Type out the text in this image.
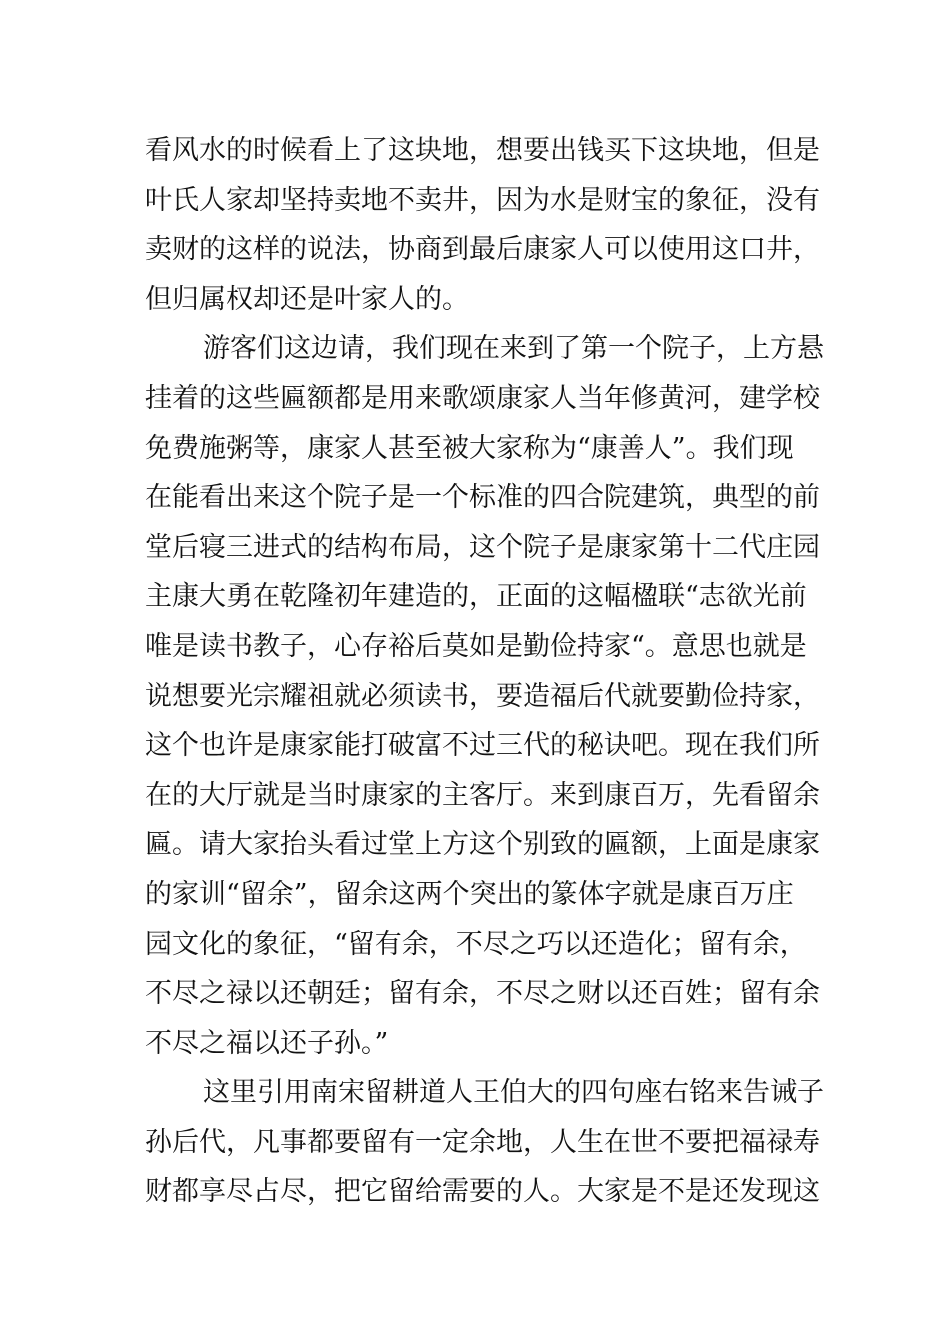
看风水的时候看上了这块地，想要出钱买下这块地，但是
叶氏人家却坚持卖地不卖井，因为水是财宝的象征，没有
卖财的这样的说法，协商到最后康家人可以使用这口井，
但归属权却还是叶家人的。

游客们这边请，我们现在来到了第一个院子，上方悬
挂着的这些匾额都是用来歌颂康家人当年修黄河，建学校
免费施粥等，康家人甚至被大家称为“康善人”。我们现
在能看出来这个院子是一个标准的四合院建筑，典型的前
堂后寝三进式的结构布局，这个院子是康家第十二代庄园
主康大勇在乾隆初年建造的，正面的这幅楹联“志欲光前
唯是读书教子，心存裕后莫如是勤俭持家“。意思也就是
说想要光宗耀祖就必须读书，要造福后代就要勤俭持家，
这个也许是康家能打破富不过三代的秘诀吧。现在我们所
在的大厅就是当时康家的主客厅。来到康百万，先看留余
匾。请大家抬头看过堂上方这个别致的匾额，上面是康家
的家训“留余”，留余这两个突出的篆体字就是康百万庄
园文化的象征，“留有余，不尽之巧以还造化；留有余，
不尽之禄以还朝廷；留有余，不尽之财以还百姓；留有余
不尽之福以还子孙。”

这里引用南宋留耕道人王伯大的四句座右铭来告诫子
孙后代，凡事都要留有一定余地，人生在世不要把福禄寿
财都享尽占尽，把它留给需要的人。大家是不是还发现这
